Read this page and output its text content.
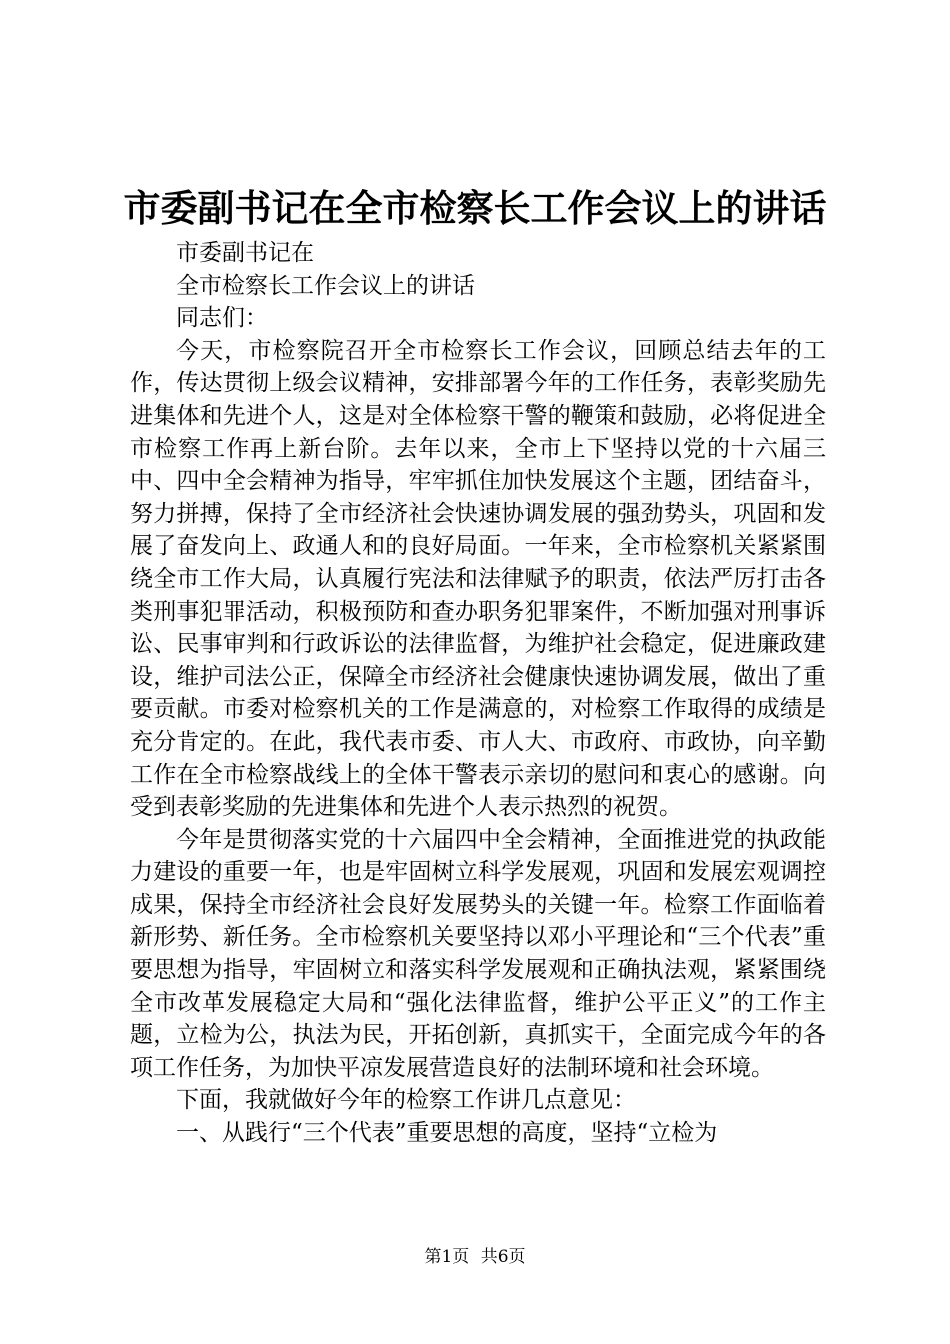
市委副书记在全市检察长工作会议上的讲话

市委副书记在

全市检察长工作会议上的讲话

同志们：

今天，市检察院召开全市检察长工作会议，回顾总结去年的工作，传达贯彻上级会议精神，安排部署今年的工作任务，表彰奖励先进集体和先进个人，这是对全体检察干警的鞭策和鼓励，必将促进全市检察工作再上新台阶。去年以来，全市上下坚持以党的十六届三中、四中全会精神为指导，牢牢抓住加快发展这个主题，团结奋斗，努力拼搏，保持了全市经济社会快速协调发展的强劲势头，巩固和发展了奋发向上、政通人和的良好局面。一年来，全市检察机关紧紧围绕全市工作大局，认真履行宪法和法律赋予的职责，依法严厉打击各类刑事犯罪活动，积极预防和查办职务犯罪案件，不断加强对刑事诉讼、民事审判和行政诉讼的法律监督，为维护社会稳定，促进廉政建设，维护司法公正，保障全市经济社会健康快速协调发展，做出了重要贡献。市委对检察机关的工作是满意的，对检察工作取得的成绩是充分肯定的。在此，我代表市委、市人大、市政府、市政协，向辛勤工作在全市检察战线上的全体干警表示亲切的慰问和衷心的感谢。向受到表彰奖励的先进集体和先进个人表示热烈的祝贺。

今年是贯彻落实党的十六届四中全会精神，全面推进党的执政能力建设的重要一年，也是牢固树立科学发展观，巩固和发展宏观调控成果，保持全市经济社会良好发展势头的关键一年。检察工作面临着新形势、新任务。全市检察机关要坚持以邓小平理论和“三个代表”重要思想为指导，牢固树立和落实科学发展观和正确执法观，紧紧围绕全市改革发展稳定大局和“强化法律监督，维护公平正义”的工作主题，立检为公，执法为民，开拓创新，真抓实干，全面完成今年的各项工作任务，为加快平凉发展营造良好的法制环境和社会环境。

下面，我就做好今年的检察工作讲几点意见：

一、从践行“三个代表”重要思想的高度，坚持“立检为

第1页 共6页
